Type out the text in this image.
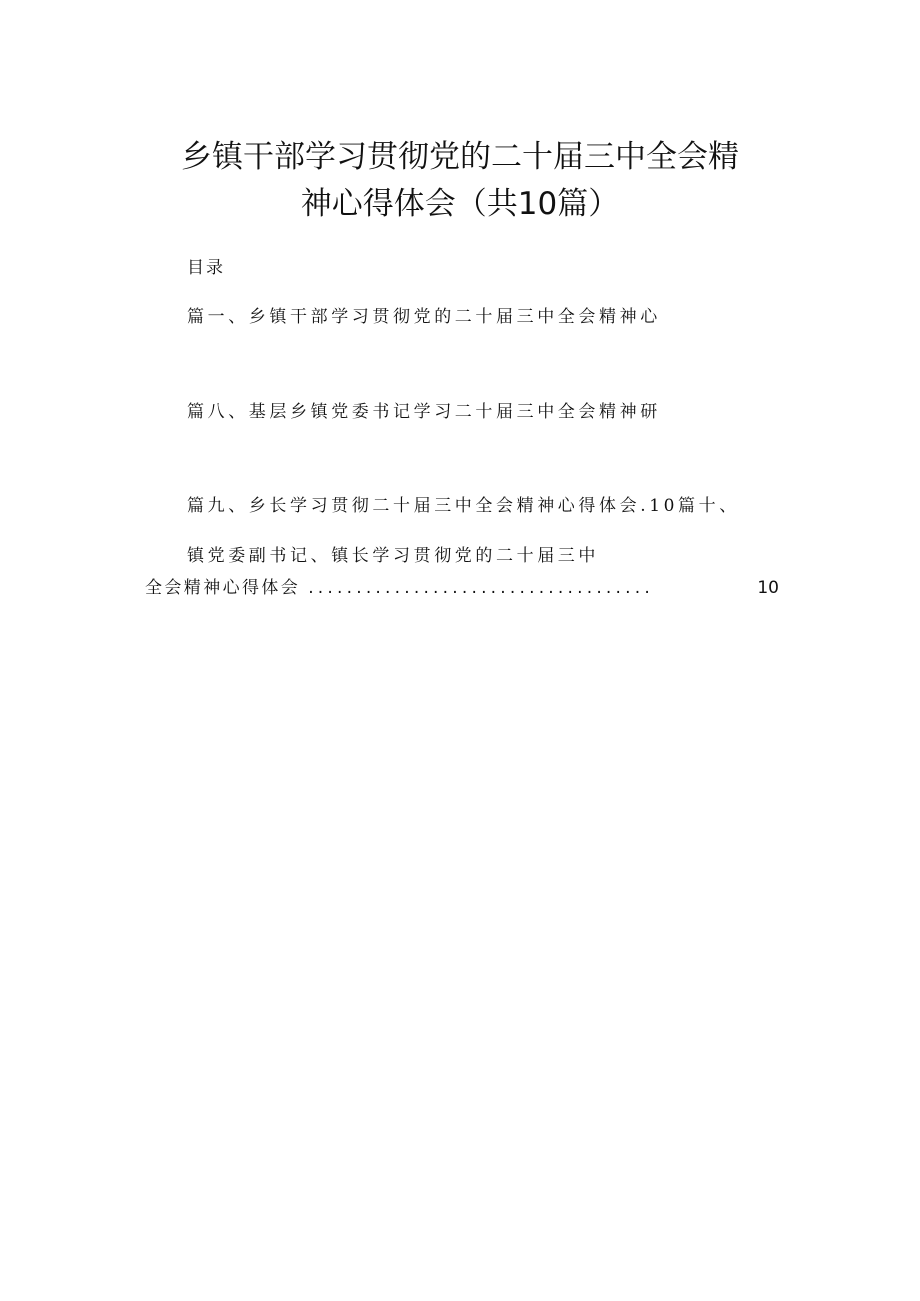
乡镇干部学习贯彻党的二十届三中全会精
神心得体会（共10篇）
目录
篇一、乡镇干部学习贯彻党的二十届三中全会精神心
篇八、基层乡镇党委书记学习二十届三中全会精神研
篇九、乡长学习贯彻二十届三中全会精神心得体会.10篇十、
镇党委副书记、镇长学习贯彻党的二十届三中
全会精神心得体会 ....................................	10
